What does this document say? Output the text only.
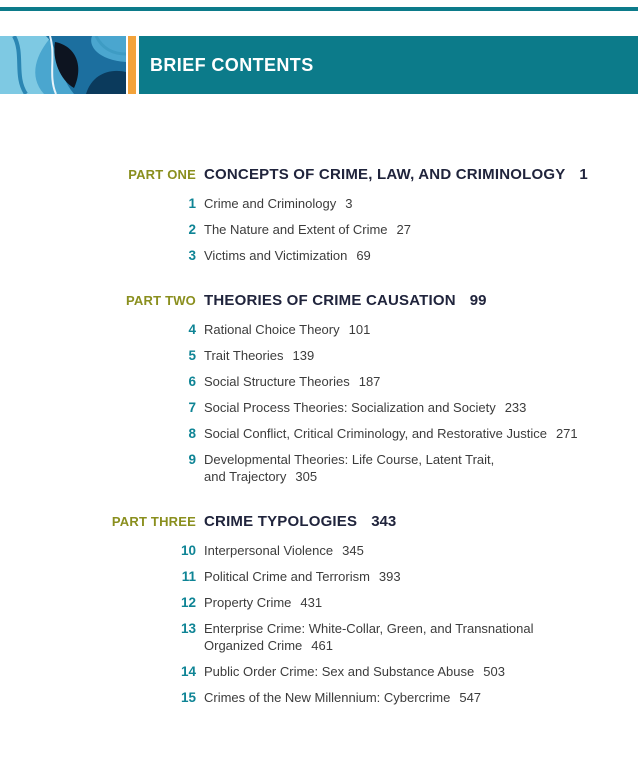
BRIEF CONTENTS
PART ONE CONCEPTS OF CRIME, LAW, AND CRIMINOLOGY 1
1 Crime and Criminology 3
2 The Nature and Extent of Crime 27
3 Victims and Victimization 69
PART TWO THEORIES OF CRIME CAUSATION 99
4 Rational Choice Theory 101
5 Trait Theories 139
6 Social Structure Theories 187
7 Social Process Theories: Socialization and Society 233
8 Social Conflict, Critical Criminology, and Restorative Justice 271
9 Developmental Theories: Life Course, Latent Trait,
and Trajectory 305
PART THREE CRIME TYPOLOGIES 343
10 Interpersonal Violence 345
11 Political Crime and Terrorism 393
12 Property Crime 431
13 Enterprise Crime: White-Collar, Green, and Transnational
Organized Crime 461
14 Public Order Crime: Sex and Substance Abuse 503
15 Crimes of the New Millennium: Cybercrime 547
